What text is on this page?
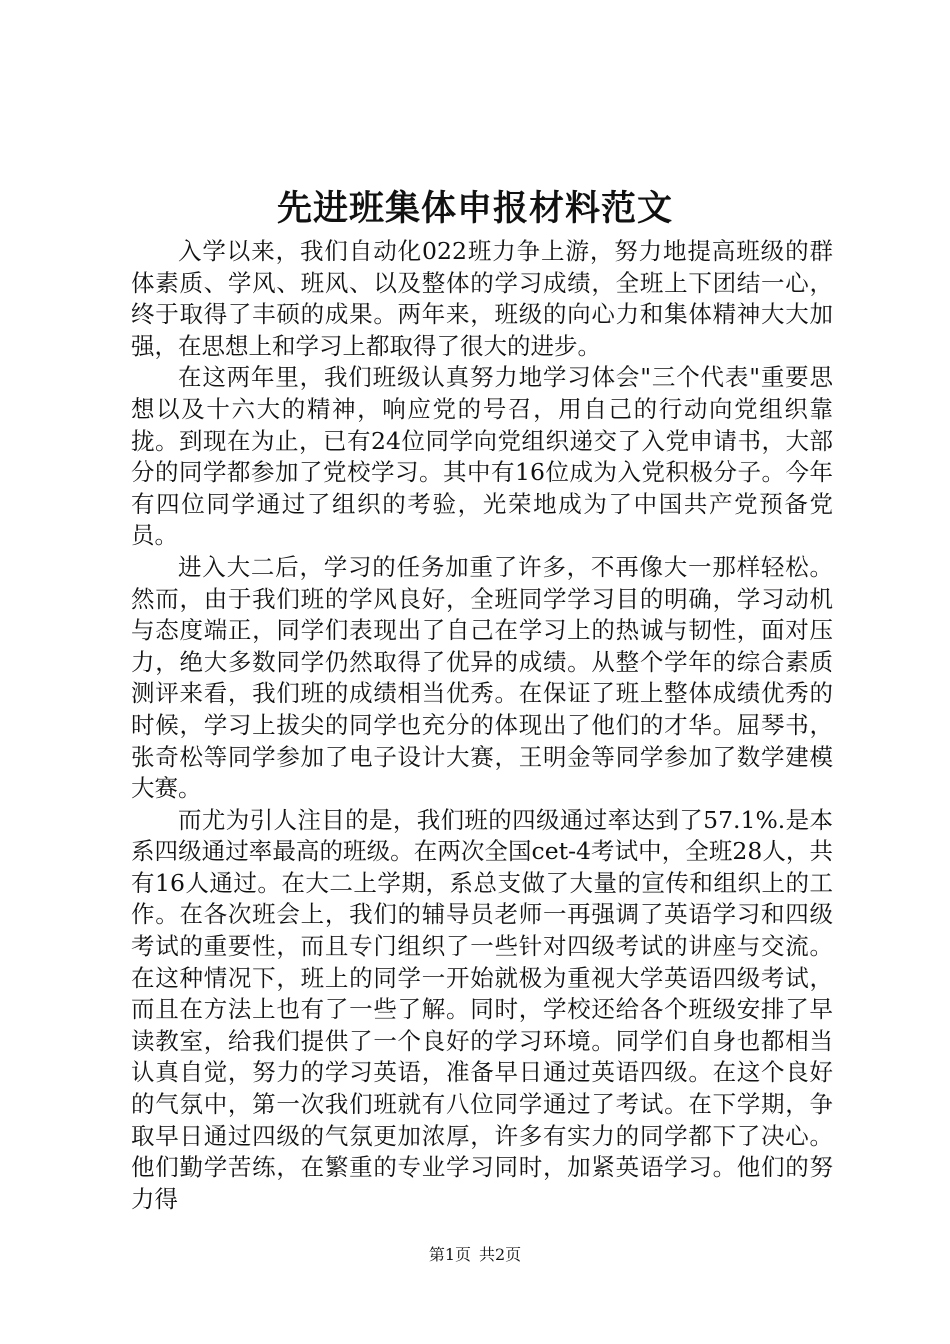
先进班集体申报材料范文

入学以来，我们自动化022班力争上游，努力地提高班级的群体素质、学风、班风、以及整体的学习成绩，全班上下团结一心，终于取得了丰硕的成果。两年来，班级的向心力和集体精神大大加强，在思想上和学习上都取得了很大的进步。

在这两年里，我们班级认真努力地学习体会"三个代表"重要思想以及十六大的精神，响应党的号召，用自己的行动向党组织靠拢。到现在为止，已有24位同学向党组织递交了入党申请书，大部分的同学都参加了党校学习。其中有16位成为入党积极分子。今年有四位同学通过了组织的考验，光荣地成为了中国共产党预备党员。

进入大二后，学习的任务加重了许多，不再像大一那样轻松。然而，由于我们班的学风良好，全班同学学习目的明确，学习动机与态度端正，同学们表现出了自己在学习上的热诚与韧性，面对压力，绝大多数同学仍然取得了优异的成绩。从整个学年的综合素质测评来看，我们班的成绩相当优秀。在保证了班上整体成绩优秀的时候，学习上拔尖的同学也充分的体现出了他们的才华。屈琴书，张奇松等同学参加了电子设计大赛，王明金等同学参加了数学建模大赛。

而尤为引人注目的是，我们班的四级通过率达到了57.1%.是本系四级通过率最高的班级。在两次全国cet-4考试中，全班28人，共有16人通过。在大二上学期，系总支做了大量的宣传和组织上的工作。在各次班会上，我们的辅导员老师一再强调了英语学习和四级考试的重要性，而且专门组织了一些针对四级考试的讲座与交流。在这种情况下，班上的同学一开始就极为重视大学英语四级考试，而且在方法上也有了一些了解。同时，学校还给各个班级安排了早读教室，给我们提供了一个良好的学习环境。同学们自身也都相当认真自觉，努力的学习英语，准备早日通过英语四级。在这个良好的气氛中，第一次我们班就有八位同学通过了考试。在下学期，争取早日通过四级的气氛更加浓厚，许多有实力的同学都下了决心。他们勤学苦练，在繁重的专业学习同时，加紧英语学习。他们的努力得

第1页 共2页
